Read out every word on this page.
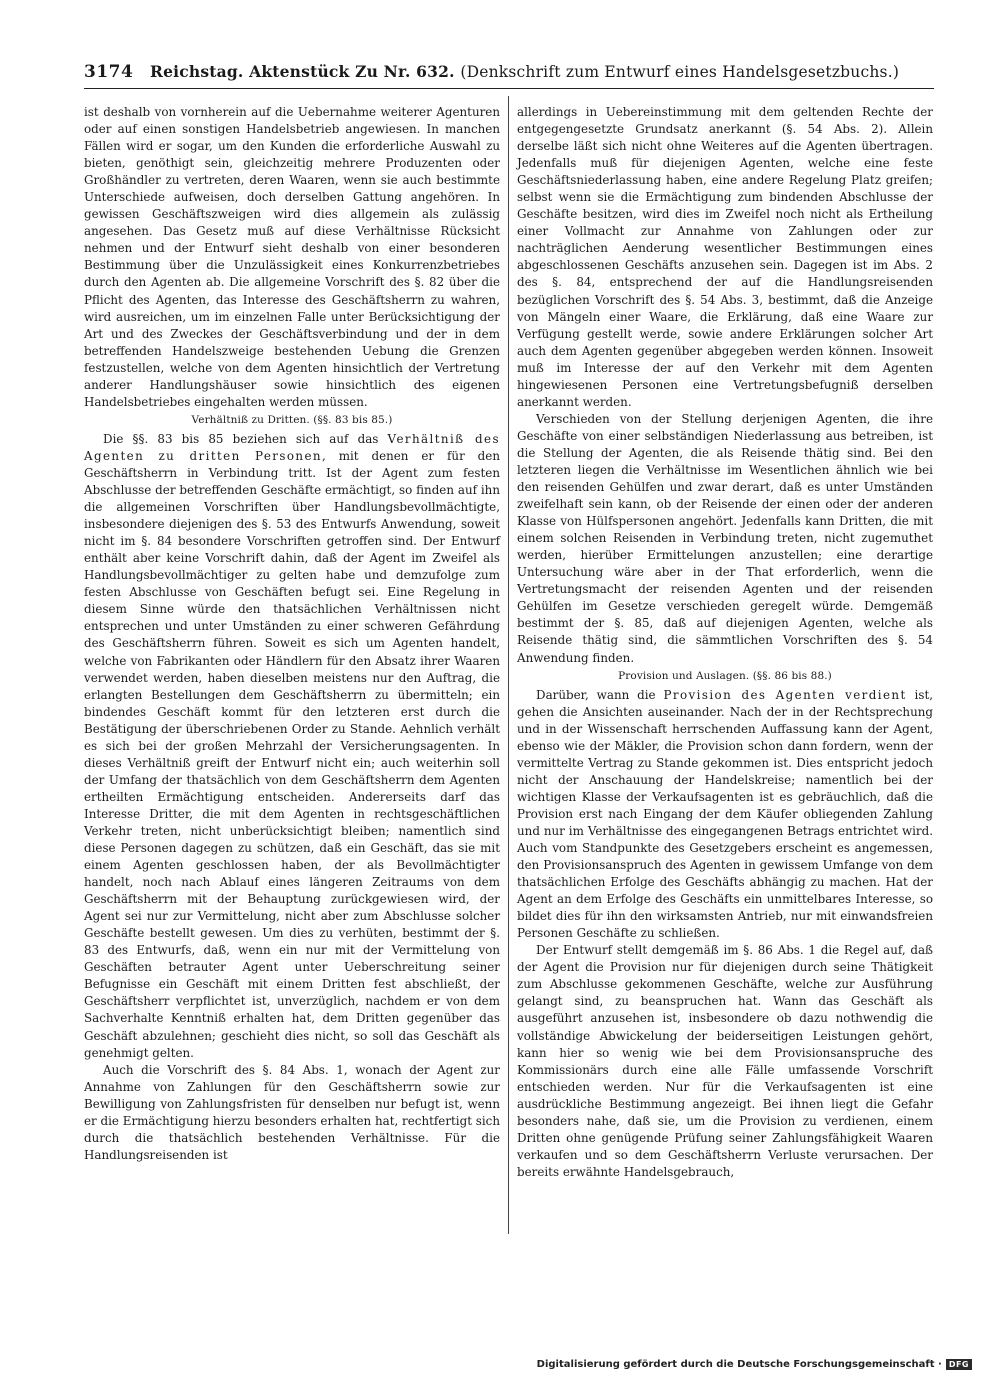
3174 Reichstag. Aktenstück Zu Nr. 632. (Denkschrift zum Entwurf eines Handelsgesetzbuchs.)

ist deshalb von vornherein auf die Uebernahme weiterer Agenturen oder auf einen sonstigen Handelsbetrieb angewiesen. In manchen Fällen wird er sogar, um den Kunden die erforderliche Auswahl zu bieten, genöthigt sein, gleichzeitig mehrere Produzenten oder Großhändler zu vertreten, deren Waaren, wenn sie auch bestimmte Unterschiede aufweisen, doch derselben Gattung angehören. In gewissen Geschäftszweigen wird dies allgemein als zulässig angesehen. Das Gesetz muß auf diese Verhältnisse Rücksicht nehmen und der Entwurf sieht deshalb von einer besonderen Bestimmung über die Unzulässigkeit eines Konkurrenzbetriebes durch den Agenten ab. Die allgemeine Vorschrift des §. 82 über die Pflicht des Agenten, das Interesse des Geschäftsherrn zu wahren, wird ausreichen, um im einzelnen Falle unter Berücksichtigung der Art und des Zweckes der Geschäftsverbindung und der in dem betreffenden Handelszweige bestehenden Uebung die Grenzen festzustellen, welche von dem Agenten hinsichtlich der Vertretung anderer Handlungshäuser sowie hinsichtlich des eigenen Handelsbetriebes eingehalten werden müssen.

Verhältniß zu Dritten. (§§. 83 bis 85.)

Die §§. 83 bis 85 beziehen sich auf das Verhältniß des Agenten zu dritten Personen, mit denen er für den Geschäftsherrn in Verbindung tritt. Ist der Agent zum festen Abschlusse der betreffenden Geschäfte ermächtigt, so finden auf ihn die allgemeinen Vorschriften über Handlungsbevollmächtigte, insbesondere diejenigen des §. 53 des Entwurfs Anwendung, soweit nicht im §. 84 besondere Vorschriften getroffen sind. Der Entwurf enthält aber keine Vorschrift dahin, daß der Agent im Zweifel als Handlungsbevollmächtiger zu gelten habe und demzufolge zum festen Abschlusse von Geschäften befugt sei. Eine Regelung in diesem Sinne würde den thatsächlichen Verhältnissen nicht entsprechen und unter Umständen zu einer schweren Gefährdung des Geschäftsherrn führen. Soweit es sich um Agenten handelt, welche von Fabrikanten oder Händlern für den Absatz ihrer Waaren verwendet werden, haben dieselben meistens nur den Auftrag, die erlangten Bestellungen dem Geschäftsherrn zu übermitteln; ein bindendes Geschäft kommt für den letzteren erst durch die Bestätigung der überschriebenen Order zu Stande. Aehnlich verhält es sich bei der großen Mehrzahl der Versicherungsagenten. In dieses Verhältniß greift der Entwurf nicht ein; auch weiterhin soll der Umfang der thatsächlich von dem Geschäftsherrn dem Agenten ertheilten Ermächtigung entscheiden. Andererseits darf das Interesse Dritter, die mit dem Agenten in rechtsgeschäftlichen Verkehr treten, nicht unberücksichtigt bleiben; namentlich sind diese Personen dagegen zu schützen, daß ein Geschäft, das sie mit einem Agenten geschlossen haben, der als Bevollmächtigter handelt, noch nach Ablauf eines längeren Zeitraums von dem Geschäftsherrn mit der Behauptung zurückgewiesen wird, der Agent sei nur zur Vermittelung, nicht aber zum Abschlusse solcher Geschäfte bestellt gewesen. Um dies zu verhüten, bestimmt der §. 83 des Entwurfs, daß, wenn ein nur mit der Vermittelung von Geschäften betrauter Agent unter Ueberschreitung seiner Befugnisse ein Geschäft mit einem Dritten fest abschließt, der Geschäftsherr verpflichtet ist, unverzüglich, nachdem er von dem Sachverhalte Kenntniß erhalten hat, dem Dritten gegenüber das Geschäft abzulehnen; geschieht dies nicht, so soll das Geschäft als genehmigt gelten.

Auch die Vorschrift des §. 84 Abs. 1, wonach der Agent zur Annahme von Zahlungen für den Geschäftsherrn sowie zur Bewilligung von Zahlungsfristen für denselben nur befugt ist, wenn er die Ermächtigung hierzu besonders erhalten hat, rechtfertigt sich durch die thatsächlich bestehenden Verhältnisse. Für die Handlungsreisenden ist

allerdings in Uebereinstimmung mit dem geltenden Rechte der entgegengesetzte Grundsatz anerkannt (§. 54 Abs. 2). Allein derselbe läßt sich nicht ohne Weiteres auf die Agenten übertragen. Jedenfalls muß für diejenigen Agenten, welche eine feste Geschäftsniederlassung haben, eine andere Regelung Platz greifen; selbst wenn sie die Ermächtigung zum bindenden Abschlusse der Geschäfte besitzen, wird dies im Zweifel noch nicht als Ertheilung einer Vollmacht zur Annahme von Zahlungen oder zur nachträglichen Aenderung wesentlicher Bestimmungen eines abgeschlossenen Geschäfts anzusehen sein. Dagegen ist im Abs. 2 des §. 84, entsprechend der auf die Handlungsreisenden bezüglichen Vorschrift des §. 54 Abs. 3, bestimmt, daß die Anzeige von Mängeln einer Waare, die Erklärung, daß eine Waare zur Verfügung gestellt werde, sowie andere Erklärungen solcher Art auch dem Agenten gegenüber abgegeben werden können. Insoweit muß im Interesse der auf den Verkehr mit dem Agenten hingewiesenen Personen eine Vertretungsbefugniß derselben anerkannt werden.

Verschieden von der Stellung derjenigen Agenten, die ihre Geschäfte von einer selbständigen Niederlassung aus betreiben, ist die Stellung der Agenten, die als Reisende thätig sind. Bei den letzteren liegen die Verhältnisse im Wesentlichen ähnlich wie bei den reisenden Gehülfen und zwar derart, daß es unter Umständen zweifelhaft sein kann, ob der Reisende der einen oder der anderen Klasse von Hülfspersonen angehört. Jedenfalls kann Dritten, die mit einem solchen Reisenden in Verbindung treten, nicht zugemuthet werden, hierüber Ermittelungen anzustellen; eine derartige Untersuchung wäre aber in der That erforderlich, wenn die Vertretungsmacht der reisenden Agenten und der reisenden Gehülfen im Gesetze verschieden geregelt würde. Demgemäß bestimmt der §. 85, daß auf diejenigen Agenten, welche als Reisende thätig sind, die sämmtlichen Vorschriften des §. 54 Anwendung finden.

Provision und Auslagen. (§§. 86 bis 88.)

Darüber, wann die Provision des Agenten verdient ist, gehen die Ansichten auseinander. Nach der in der Rechtsprechung und in der Wissenschaft herrschenden Auffassung kann der Agent, ebenso wie der Mäkler, die Provision schon dann fordern, wenn der vermittelte Vertrag zu Stande gekommen ist. Dies entspricht jedoch nicht der Anschauung der Handelskreise; namentlich bei der wichtigen Klasse der Verkaufsagenten ist es gebräuchlich, daß die Provision erst nach Eingang der dem Käufer obliegenden Zahlung und nur im Verhältnisse des eingegangenen Betrags entrichtet wird. Auch vom Standpunkte des Gesetzgebers erscheint es angemessen, den Provisionsanspruch des Agenten in gewissem Umfange von dem thatsächlichen Erfolge des Geschäfts abhängig zu machen. Hat der Agent an dem Erfolge des Geschäfts ein unmittelbares Interesse, so bildet dies für ihn den wirksamsten Antrieb, nur mit einwandsfreien Personen Geschäfte zu schließen.

Der Entwurf stellt demgemäß im §. 86 Abs. 1 die Regel auf, daß der Agent die Provision nur für diejenigen durch seine Thätigkeit zum Abschlusse gekommenen Geschäfte, welche zur Ausführung gelangt sind, zu beanspruchen hat. Wann das Geschäft als ausgeführt anzusehen ist, insbesondere ob dazu nothwendig die vollständige Abwickelung der beiderseitigen Leistungen gehört, kann hier so wenig wie bei dem Provisionsanspruche des Kommissionärs durch eine alle Fälle umfassende Vorschrift entschieden werden. Nur für die Verkaufsagenten ist eine ausdrückliche Bestimmung angezeigt. Bei ihnen liegt die Gefahr besonders nahe, daß sie, um die Provision zu verdienen, einem Dritten ohne genügende Prüfung seiner Zahlungsfähigkeit Waaren verkaufen und so dem Geschäftsherrn Verluste verursachen. Der bereits erwähnte Handelsgebrauch,

Digitalisierung gefördert durch die Deutsche Forschungsgemeinschaft · DFG
